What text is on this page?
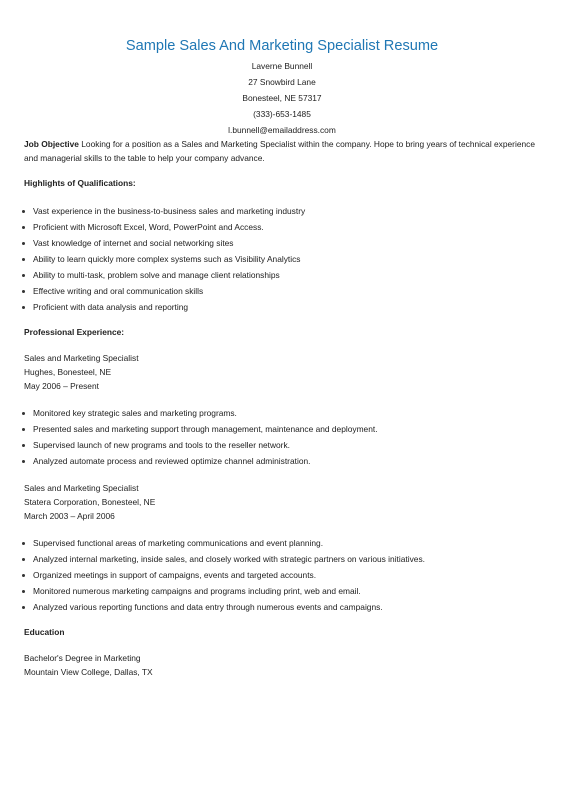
Sample Sales And Marketing Specialist Resume
Laverne Bunnell
27 Snowbird Lane
Bonesteel, NE 57317
(333)-653-1485
l.bunnell@emailaddress.com
Job Objective Looking for a position as a Sales and Marketing Specialist within the company. Hope to bring years of technical experience and managerial skills to the table to help your company advance.
Highlights of Qualifications:
Vast experience in the business-to-business sales and marketing industry
Proficient with Microsoft Excel, Word, PowerPoint and Access.
Vast knowledge of internet and social networking sites
Ability to learn quickly more complex systems such as Visibility Analytics
Ability to multi-task, problem solve and manage client relationships
Effective writing and oral communication skills
Proficient with data analysis and reporting
Professional Experience:
Sales and Marketing Specialist
Hughes, Bonesteel, NE
May 2006 – Present
Monitored key strategic sales and marketing programs.
Presented sales and marketing support through management, maintenance and deployment.
Supervised launch of new programs and tools to the reseller network.
Analyzed automate process and reviewed optimize channel administration.
Sales and Marketing Specialist
Statera Corporation, Bonesteel, NE
March 2003 – April 2006
Supervised functional areas of marketing communications and event planning.
Analyzed internal marketing, inside sales, and closely worked with strategic partners on various initiatives.
Organized meetings in support of campaigns, events and targeted accounts.
Monitored numerous marketing campaigns and programs including print, web and email.
Analyzed various reporting functions and data entry through numerous events and campaigns.
Education
Bachelor's Degree in Marketing
Mountain View College, Dallas, TX
